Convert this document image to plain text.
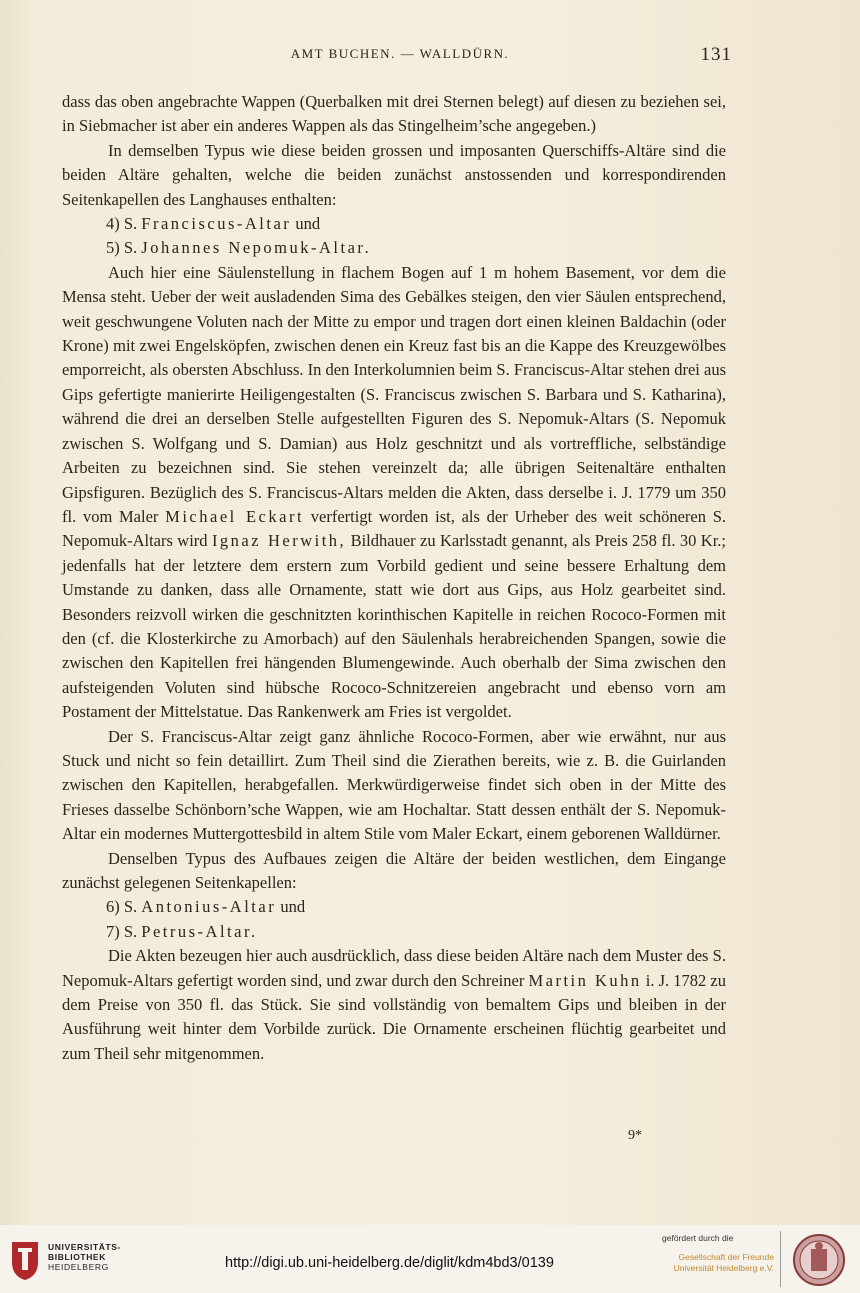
AMT BUCHEN. — WALLDÜRN.	131

dass das oben angebrachte Wappen (Querbalken mit drei Sternen belegt) auf diesen zu beziehen sei, in Siebmacher ist aber ein anderes Wappen als das Stingelheim’sche angegeben.)

In demselben Typus wie diese beiden grossen und imposanten Querschiffs-Altäre sind die beiden Altäre gehalten, welche die beiden zunächst anstossenden und korrespondirenden Seitenkapellen des Langhauses enthalten:

4) S. Franciscus-Altar und

5) S. Johannes Nepomuk-Altar.

Auch hier eine Säulenstellung in flachem Bogen auf 1 m hohem Basement, vor dem die Mensa steht. Ueber der weit ausladenden Sima des Gebälkes steigen, den vier Säulen entsprechend, weit geschwungene Voluten nach der Mitte zu empor und tragen dort einen kleinen Baldachin (oder Krone) mit zwei Engelsköpfen, zwischen denen ein Kreuz fast bis an die Kappe des Kreuzgewölbes emporreicht, als obersten Abschluss. In den Interkolumnien beim S. Franciscus-Altar stehen drei aus Gips gefertigte manierirte Heiligengestalten (S. Franciscus zwischen S. Barbara und S. Katharina), während die drei an derselben Stelle aufgestellten Figuren des S. Nepomuk-Altars (S. Nepomuk zwischen S. Wolfgang und S. Damian) aus Holz geschnitzt und als vortreffliche, selbständige Arbeiten zu bezeichnen sind. Sie stehen vereinzelt da; alle übrigen Seitenaltäre enthalten Gipsfiguren. Bezüglich des S. Franciscus-Altars melden die Akten, dass derselbe i. J. 1779 um 350 fl. vom Maler Michael Eckart verfertigt worden ist, als der Urheber des weit schöneren S. Nepomuk-Altars wird Ignaz Herwith, Bildhauer zu Karlsstadt genannt, als Preis 258 fl. 30 Kr.; jedenfalls hat der letztere dem erstern zum Vorbild gedient und seine bessere Erhaltung dem Umstande zu danken, dass alle Ornamente, statt wie dort aus Gips, aus Holz gearbeitet sind. Besonders reizvoll wirken die geschnitzten korinthischen Kapitelle in reichen Rococo-Formen mit den (cf. die Klosterkirche zu Amorbach) auf den Säulenhals herabreichenden Spangen, sowie die zwischen den Kapitellen frei hängenden Blumengewinde. Auch oberhalb der Sima zwischen den aufsteigenden Voluten sind hübsche Rococo-Schnitzereien angebracht und ebenso vorn am Postament der Mittelstatue. Das Rankenwerk am Fries ist vergoldet.

Der S. Franciscus-Altar zeigt ganz ähnliche Rococo-Formen, aber wie erwähnt, nur aus Stuck und nicht so fein detaillirt. Zum Theil sind die Zierathen bereits, wie z. B. die Guirlanden zwischen den Kapitellen, herabgefallen. Merkwürdigerweise findet sich oben in der Mitte des Frieses dasselbe Schönborn’sche Wappen, wie am Hochaltar. Statt dessen enthält der S. Nepomuk-Altar ein modernes Muttergottesbild in altem Stile vom Maler Eckart, einem geborenen Walldürner.

Denselben Typus des Aufbaues zeigen die Altäre der beiden westlichen, dem Eingange zunächst gelegenen Seitenkapellen:

6) S. Antonius-Altar und

7) S. Petrus-Altar.

Die Akten bezeugen hier auch ausdrücklich, dass diese beiden Altäre nach dem Muster des S. Nepomuk-Altars gefertigt worden sind, und zwar durch den Schreiner Martin Kuhn i. J. 1782 zu dem Preise von 350 fl. das Stück. Sie sind vollständig von bemaltem Gips und bleiben in der Ausführung weit hinter dem Vorbilde zurück. Die Ornamente erscheinen flüchtig gearbeitet und zum Theil sehr mitgenommen.

9*
UNIVERSITÄTS-
BIBLIOTHEK
HEIDELBERG	http://digi.ub.uni-heidelberg.de/diglit/kdm4bd3/0139
gefördert durch die
Gesellschaft der Freunde
Universität Heidelberg e.V.
